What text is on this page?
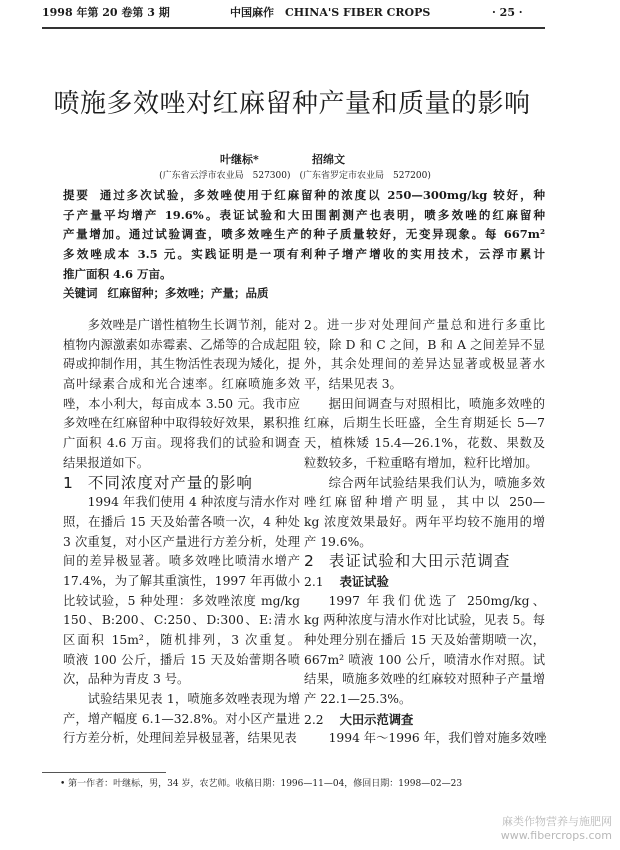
1998 年第 20 卷第 3 期	中国麻作　CHINA'S FIBER CROPS	· 25 ·
喷施多效唑对红麻留种产量和质量的影响
叶继标*	招绵文
(广东省云浮市农业局　527300)　(广东省罗定市农业局　527200)
提要 通过多次试验，多效唑使用于红麻留种的浓度以 250—300mg/kg 较好，种
子产量平均增产 19.6%。表证试验和大田围割测产也表明，喷多效唑的红麻留种
产量增加。通过试验调查，喷多效唑生产的种子质量较好，无变异现象。每 667m²
多效唑成本 3.5 元。实践证明是一项有利种子增产增收的实用技术，云浮市累计
推广面积 4.6 万亩。
关键词 红麻留种；多效唑；产量；品质
多效唑是广谱性植物生长调节剂，能对
植物内源激素如赤霉素、乙烯等的合成起阻
碍或抑制作用，其生物活性表现为矮化，提
高叶绿素合成和光合速率。红麻喷施多效
唑，本小利大，每亩成本 3.50 元。我市应
多效唑在红麻留种中取得较好效果，累积推
广面积 4.6 万亩。现将我们的试验和调查
结果报道如下。
1 不同浓度对产量的影响
1994 年我们使用 4 种浓度与清水作对
照，在播后 15 天及始蕾各喷一次，4 种处
3 次重复，对小区产量进行方差分析，处理
间的差异极显著。喷多效唑比喷清水增产
17.4%，为了解其重演性，1997 年再做小
比较试验，5 种处理：多效唑浓度 mg/kg
150、B:200、C:250、D:300、E:清水
区面积 15m²，随机排列，3 次重复。
喷液 100 公斤，播后 15 天及始蕾期各喷
次，品种为青皮 3 号。
试验结果见表 1，喷施多效唑表现为增
产，增产幅度 6.1—32.8%。对小区产量进
行方差分析，处理间差异极显著，结果见表
2。进一步对处理间产量总和进行多重比
较，除 D 和 C 之间，B 和 A 之间差异不显
外，其余处理间的差异达显著或极显著水
平，结果见表 3。
据田间调查与对照相比，喷施多效唑的
红麻，后期生长旺盛，全生育期延长 5—7
天，植株矮 15.4—26.1%，花数、果数及
粒数较多，千粒重略有增加，粒秆比增加。
综合两年试验结果我们认为，喷施多效
唑红麻留种增产明显，其中以 250—
kg 浓度效果最好。两年平均较不施用的增
产 19.6%。
2 表证试验和大田示范调查
2.1 表证试验
1997 年我们优选了 250mg/kg、
kg 两种浓度与清水作对比试验，见表 5。每
种处理分别在播后 15 天及始蕾期喷一次，
667m² 喷液 100 公斤，喷清水作对照。试
结果，喷施多效唑的红麻较对照种子产量增
产 22.1—25.3%。
2.2 大田示范调查
1994 年～1996 年，我们曾对施多效唑
• 第一作者：叶继标，男，34 岁，农艺师。收稿日期：1996—11—04，修回日期：1998—02—23
麻类作物营养与施肥网
www.fibercrops.com
